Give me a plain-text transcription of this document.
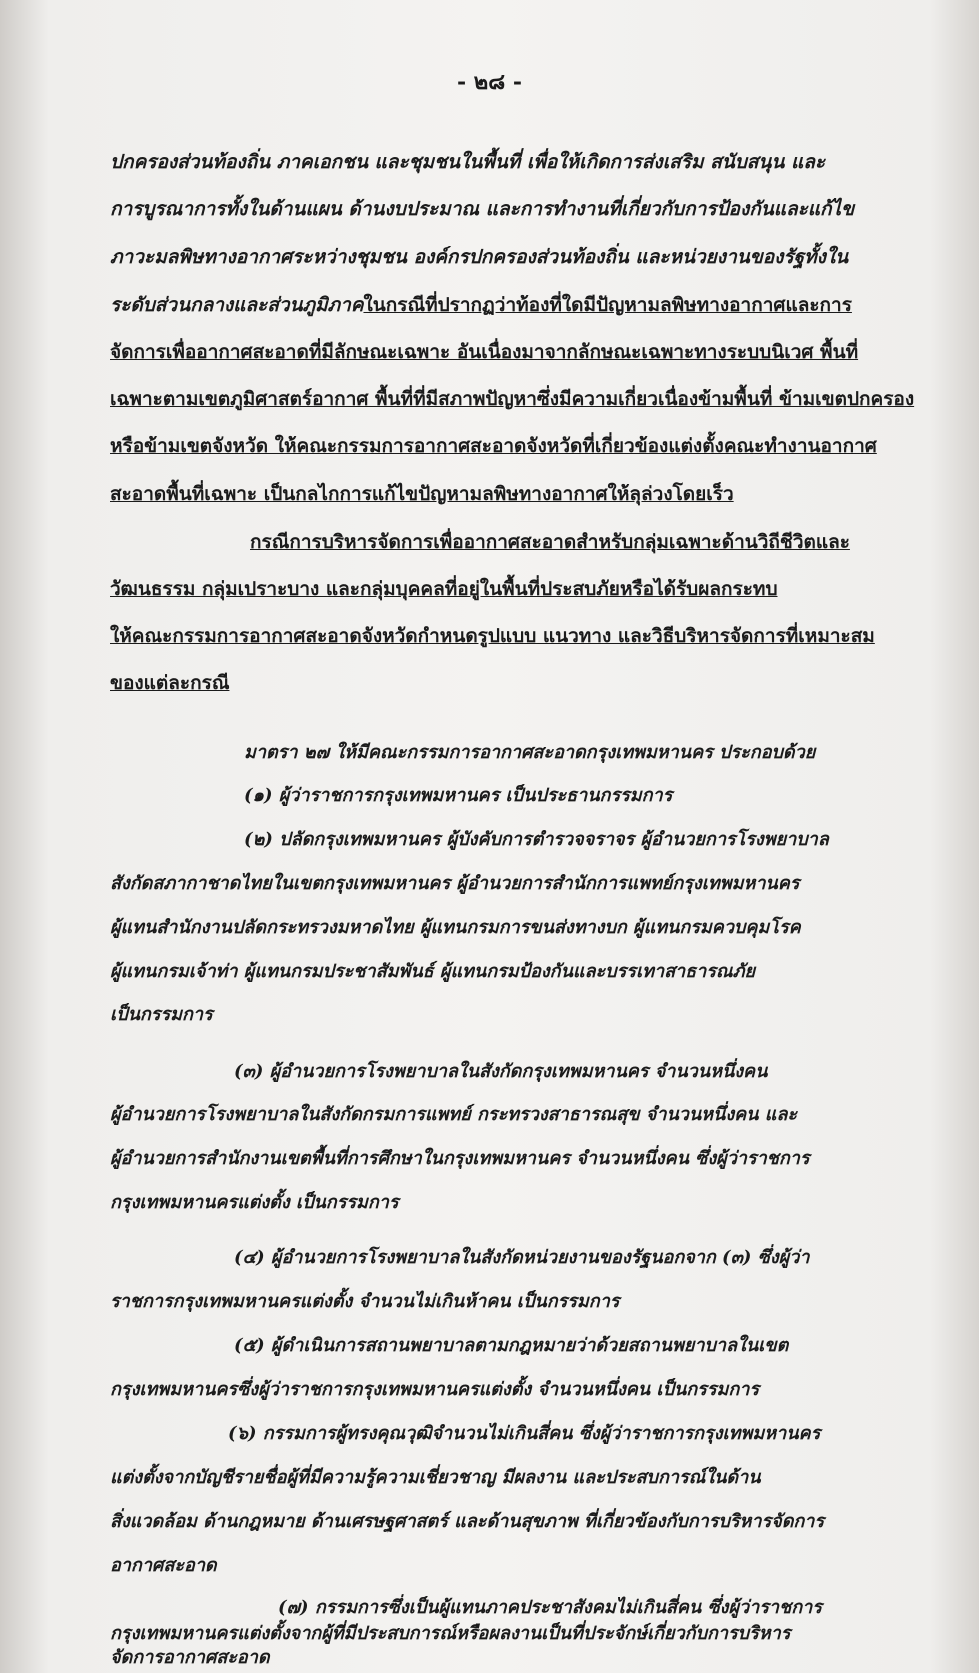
- ๒๘ -
ปกครองส่วนท้องถิ่น ภาคเอกชน และชุมชนในพื้นที่ เพื่อให้เกิดการส่งเสริม สนับสนุน และ
การบูรณาการทั้งในด้านแผน ด้านงบประมาณ และการทำงานที่เกี่ยวกับการป้องกันและแก้ไข
ภาวะมลพิษทางอากาศระหว่างชุมชน องค์กรปกครองส่วนท้องถิ่น และหน่วยงานของรัฐทั้งใน
ระดับส่วนกลางและส่วนภูมิภาคในกรณีที่ปรากฏว่าท้องที่ใดมีปัญหามลพิษทางอากาศและการ
จัดการเพื่ออากาศสะอาดที่มีลักษณะเฉพาะ อันเนื่องมาจากลักษณะเฉพาะทางระบบนิเวศ พื้นที่
เฉพาะตามเขตภูมิศาสตร์อากาศ พื้นที่ที่มีสภาพปัญหาซึ่งมีความเกี่ยวเนื่องข้ามพื้นที่ ข้ามเขตปกครอง
หรือข้ามเขตจังหวัด ให้คณะกรรมการอากาศสะอาดจังหวัดที่เกี่ยวข้องแต่งตั้งคณะทำงานอากาศ
สะอาดพื้นที่เฉพาะ เป็นกลไกการแก้ไขปัญหามลพิษทางอากาศให้ลุล่วงโดยเร็ว
กรณีการบริหารจัดการเพื่ออากาศสะอาดสำหรับกลุ่มเฉพาะด้านวิถีชีวิตและ
วัฒนธรรม กลุ่มเปราะบาง และกลุ่มบุคคลที่อยู่ในพื้นที่ประสบภัยหรือได้รับผลกระทบ
ให้คณะกรรมการอากาศสะอาดจังหวัดกำหนดรูปแบบ แนวทาง และวิธีบริหารจัดการที่เหมาะสม
ของแต่ละกรณี
มาตรา ๒๗ ให้มีคณะกรรมการอากาศสะอาดกรุงเทพมหานคร ประกอบด้วย
(๑) ผู้ว่าราชการกรุงเทพมหานคร เป็นประธานกรรมการ
(๒) ปลัดกรุงเทพมหานคร ผู้บังคับการตำรวจจราจร ผู้อำนวยการโรงพยาบาล
สังกัดสภากาชาดไทยในเขตกรุงเทพมหานคร ผู้อำนวยการสำนักการแพทย์กรุงเทพมหานคร
ผู้แทนสำนักงานปลัดกระทรวงมหาดไทย ผู้แทนกรมการขนส่งทางบก ผู้แทนกรมควบคุมโรค
ผู้แทนกรมเจ้าท่า ผู้แทนกรมประชาสัมพันธ์ ผู้แทนกรมป้องกันและบรรเทาสาธารณภัย
เป็นกรรมการ
(๓) ผู้อำนวยการโรงพยาบาลในสังกัดกรุงเทพมหานคร จำนวนหนึ่งคน
ผู้อำนวยการโรงพยาบาลในสังกัดกรมการแพทย์ กระทรวงสาธารณสุข จำนวนหนึ่งคน และ
ผู้อำนวยการสำนักงานเขตพื้นที่การศึกษาในกรุงเทพมหานคร จำนวนหนึ่งคน ซึ่งผู้ว่าราชการ
กรุงเทพมหานครแต่งตั้ง เป็นกรรมการ
(๔) ผู้อำนวยการโรงพยาบาลในสังกัดหน่วยงานของรัฐนอกจาก (๓) ซึ่งผู้ว่า
ราชการกรุงเทพมหานครแต่งตั้ง จำนวนไม่เกินห้าคน เป็นกรรมการ
(๕) ผู้ดำเนินการสถานพยาบาลตามกฎหมายว่าด้วยสถานพยาบาลในเขต
กรุงเทพมหานครซึ่งผู้ว่าราชการกรุงเทพมหานครแต่งตั้ง จำนวนหนึ่งคน เป็นกรรมการ
(๖) กรรมการผู้ทรงคุณวุฒิจำนวนไม่เกินสี่คน ซึ่งผู้ว่าราชการกรุงเทพมหานคร
แต่งตั้งจากบัญชีรายชื่อผู้ที่มีความรู้ความเชี่ยวชาญ มีผลงาน และประสบการณ์ในด้าน
สิ่งแวดล้อม ด้านกฎหมาย ด้านเศรษฐศาสตร์ และด้านสุขภาพ ที่เกี่ยวข้องกับการบริหารจัดการ
อากาศสะอาด
(๗) กรรมการซึ่งเป็นผู้แทนภาคประชาสังคมไม่เกินสี่คน ซึ่งผู้ว่าราชการ
กรุงเทพมหานครแต่งตั้งจากผู้ที่มีประสบการณ์หรือผลงานเป็นที่ประจักษ์เกี่ยวกับการบริหาร
จัดการอากาศสะอาด
